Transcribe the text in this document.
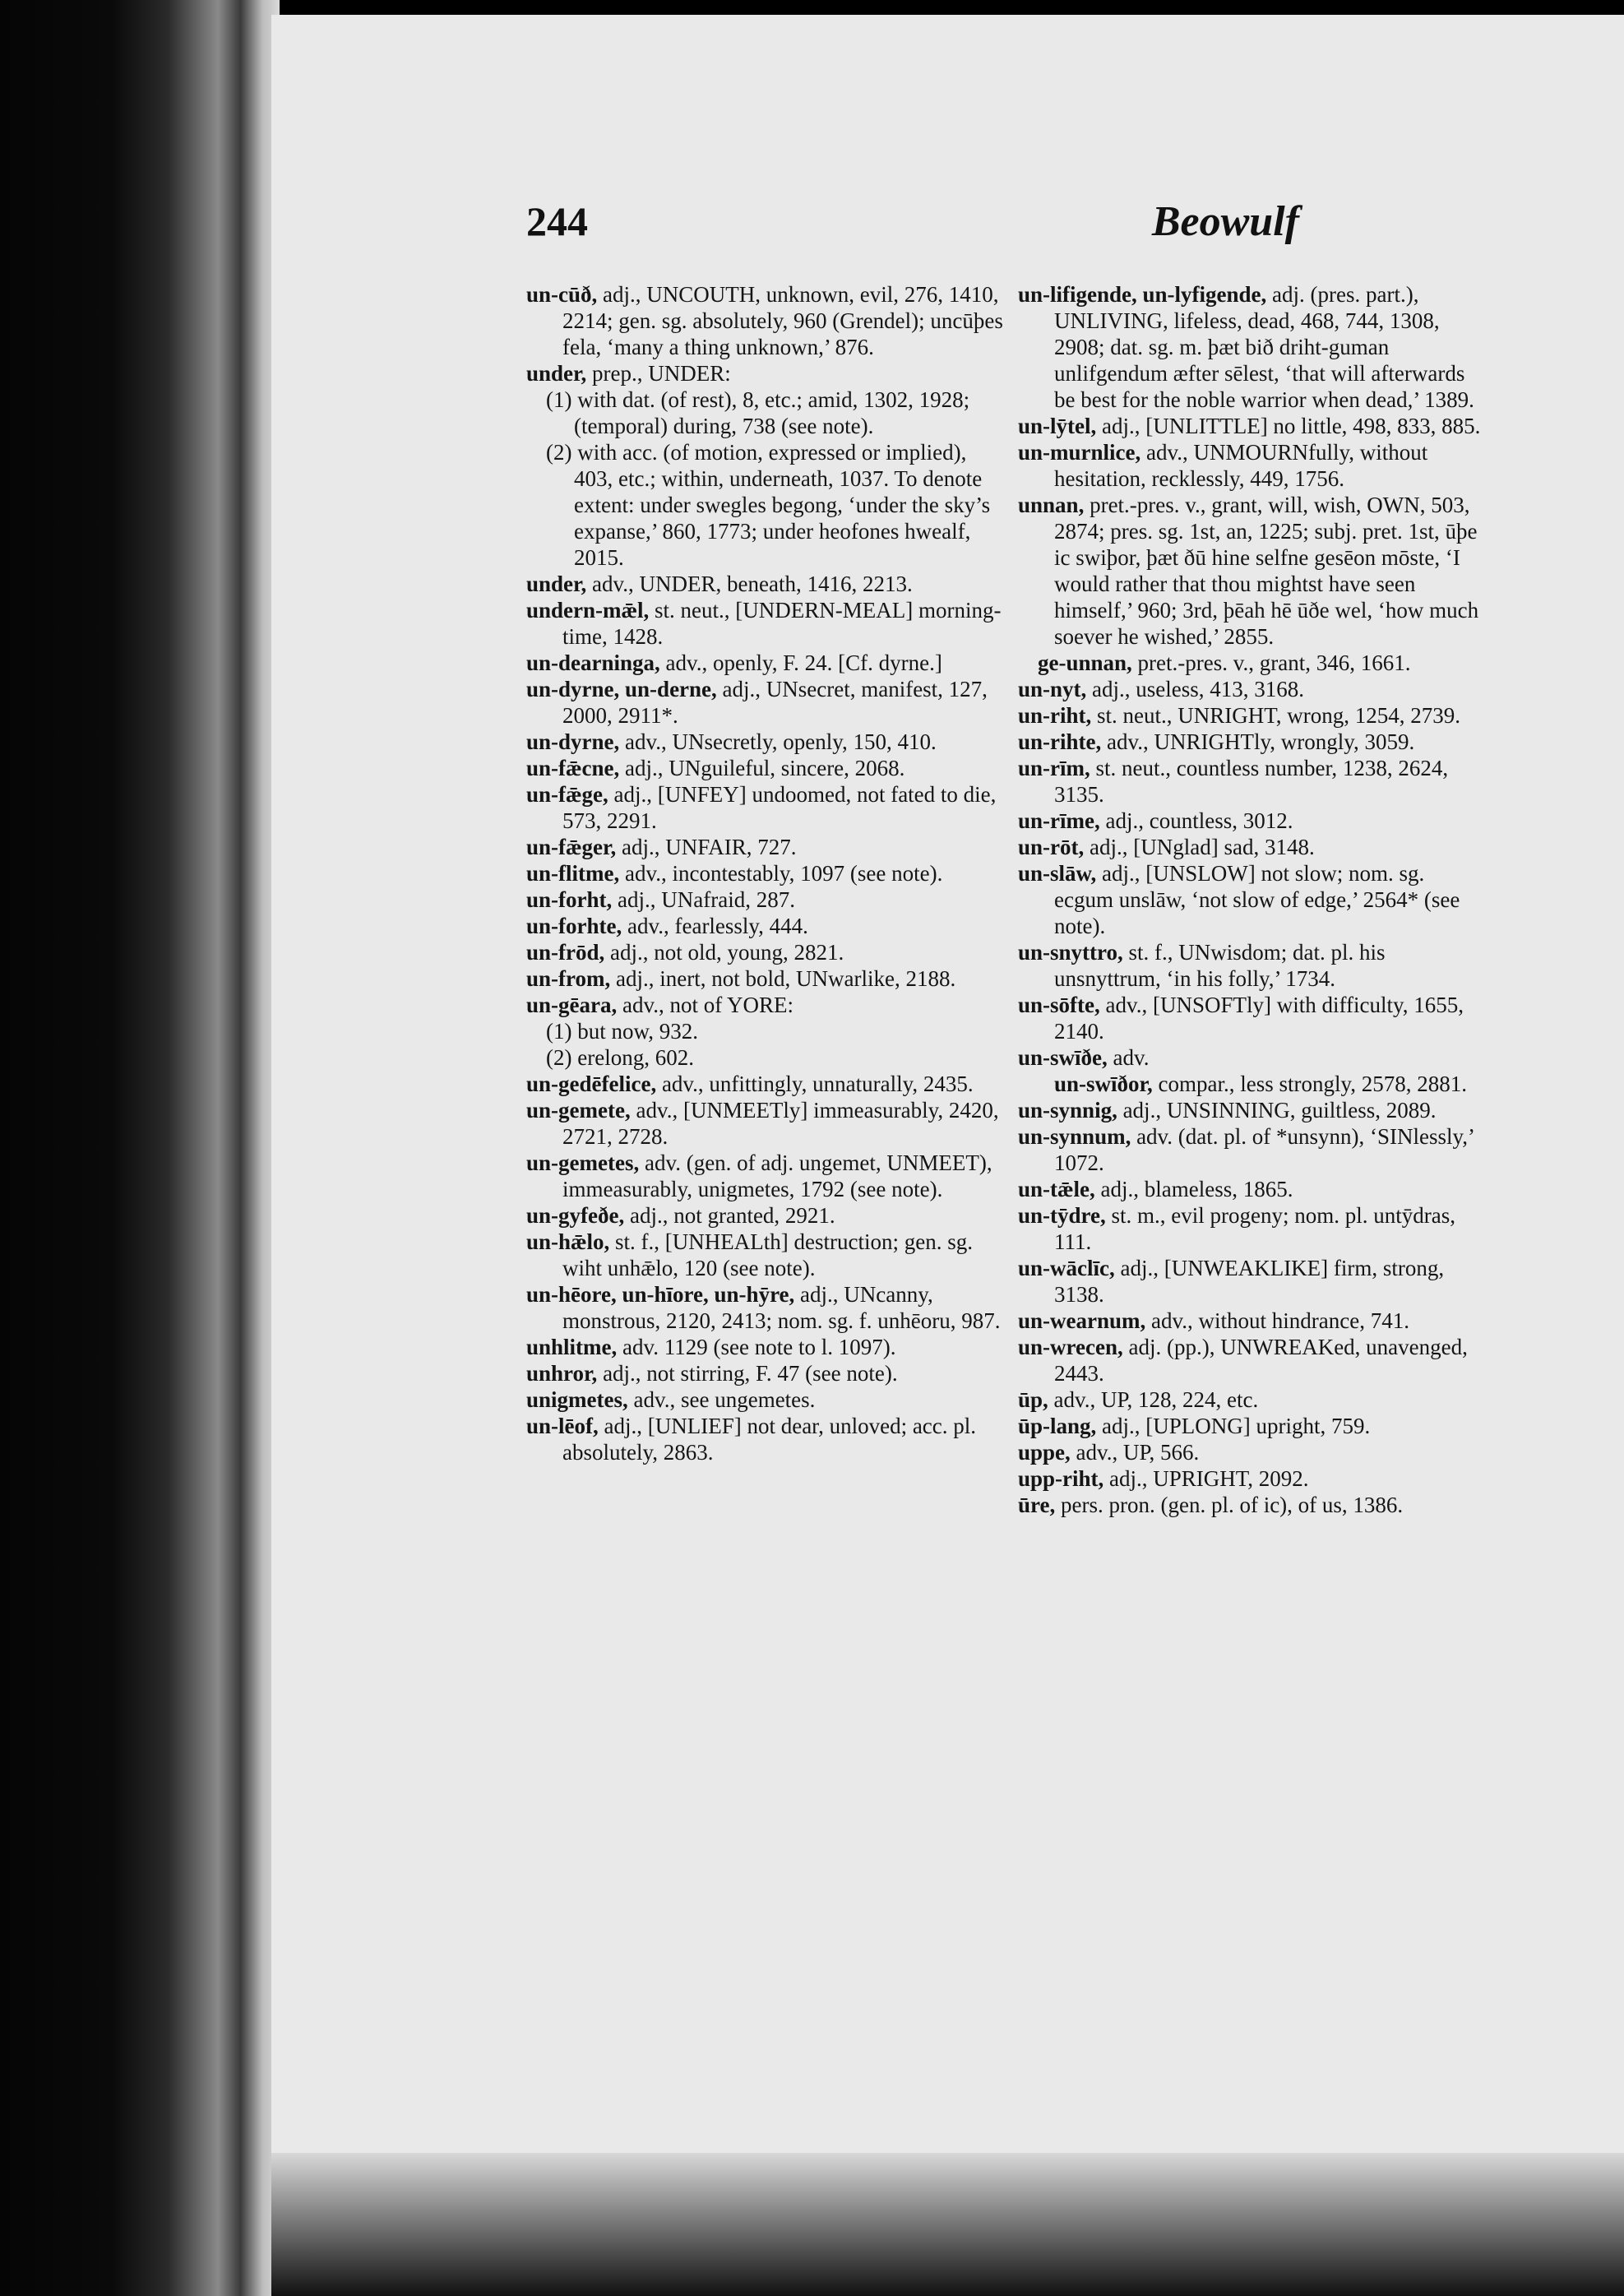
244	Beowulf
un-cūð, adj., UNCOUTH, unknown, evil, 276, 1410, 2214; gen. sg. absolutely, 960 (Grendel); uncūþes fela, ‘many a thing unknown,’ 876.
under, prep., UNDER:
(1) with dat. (of rest), 8, etc.; amid, 1302, 1928; (temporal) during, 738 (see note).
(2) with acc. (of motion, expressed or implied), 403, etc.; within, underneath, 1037. To denote extent: under swegles begong, ‘under the sky’s expanse,’ 860, 1773; under heofones hwealf, 2015.
under, adv., UNDER, beneath, 1416, 2213.
undern-mǣl, st. neut., [UNDERN-MEAL] morning-time, 1428.
un-dearninga, adv., openly, F. 24. [Cf. dyrne.]
un-dyrne, un-derne, adj., UNsecret, manifest, 127, 2000, 2911*.
un-dyrne, adv., UNsecretly, openly, 150, 410.
un-fǣcne, adj., UNguileful, sincere, 2068.
un-fǣge, adj., [UNFEY] undoomed, not fated to die, 573, 2291.
un-fǣger, adj., UNFAIR, 727.
un-flitme, adv., incontestably, 1097 (see note).
un-forht, adj., UNafraid, 287.
un-forhte, adv., fearlessly, 444.
un-frōd, adj., not old, young, 2821.
un-from, adj., inert, not bold, UNwarlike, 2188.
un-gēara, adv., not of YORE:
(1) but now, 932.
(2) erelong, 602.
un-gedēfelice, adv., unfittingly, unnaturally, 2435.
un-gemete, adv., [UNMEETly] immeasurably, 2420, 2721, 2728.
un-gemetes, adv. (gen. of adj. ungemet, UNMEET), immeasurably, unigmetes, 1792 (see note).
un-gyfeðe, adj., not granted, 2921.
un-hǣlo, st. f., [UNHEALth] destruction; gen. sg. wiht unhǣlo, 120 (see note).
un-hēore, un-hīore, un-hȳre, adj., UNcanny, monstrous, 2120, 2413; nom. sg. f. unhēoru, 987.
unhlitme, adv. 1129 (see note to l. 1097).
unhror, adj., not stirring, F. 47 (see note).
unigmetes, adv., see ungemetes.
un-lēof, adj., [UNLIEF] not dear, unloved; acc. pl. absolutely, 2863.
un-lifigende, un-lyfigende, adj. (pres. part.), UNLIVING, lifeless, dead, 468, 744, 1308, 2908; dat. sg. m. þæt bið driht-guman unlifgendum æfter sēlest, ‘that will afterwards be best for the noble warrior when dead,’ 1389.
un-lȳtel, adj., [UNLITTLE] no little, 498, 833, 885.
un-murnlice, adv., UNMOURNfully, without hesitation, recklessly, 449, 1756.
unnan, pret.-pres. v., grant, will, wish, OWN, 503, 2874; pres. sg. 1st, an, 1225; subj. pret. 1st, ūþe ic swiþor, þæt ðū hine selfne gesēon mōste, ‘I would rather that thou mightst have seen himself,’ 960; 3rd, þēah hē ūðe wel, ‘how much soever he wished,’ 2855.
ge-unnan, pret.-pres. v., grant, 346, 1661.
un-nyt, adj., useless, 413, 3168.
un-riht, st. neut., UNRIGHT, wrong, 1254, 2739.
un-rihte, adv., UNRIGHTly, wrongly, 3059.
un-rīm, st. neut., countless number, 1238, 2624, 3135.
un-rīme, adj., countless, 3012.
un-rōt, adj., [UNglad] sad, 3148.
un-slāw, adj., [UNSLOW] not slow; nom. sg. ecgum unslāw, ‘not slow of edge,’ 2564* (see note).
un-snyttro, st. f., UNwisdom; dat. pl. his unsnyttrum, ‘in his folly,’ 1734.
un-sōfte, adv., [UNSOFTly] with difficulty, 1655, 2140.
un-swīðe, adv.
un-swīðor, compar., less strongly, 2578, 2881.
un-synnig, adj., UNSINNING, guiltless, 2089.
un-synnum, adv. (dat. pl. of *unsynn), ‘SINlessly,’ 1072.
un-tǣle, adj., blameless, 1865.
un-tȳdre, st. m., evil progeny; nom. pl. untȳdras, 111.
un-wāclīc, adj., [UNWEAKLIKE] firm, strong, 3138.
un-wearnum, adv., without hindrance, 741.
un-wrecen, adj. (pp.), UNWREAKed, unavenged, 2443.
ūp, adv., UP, 128, 224, etc.
ūp-lang, adj., [UPLONG] upright, 759.
uppe, adv., UP, 566.
upp-riht, adj., UPRIGHT, 2092.
ūre, pers. pron. (gen. pl. of ic), of us, 1386.
